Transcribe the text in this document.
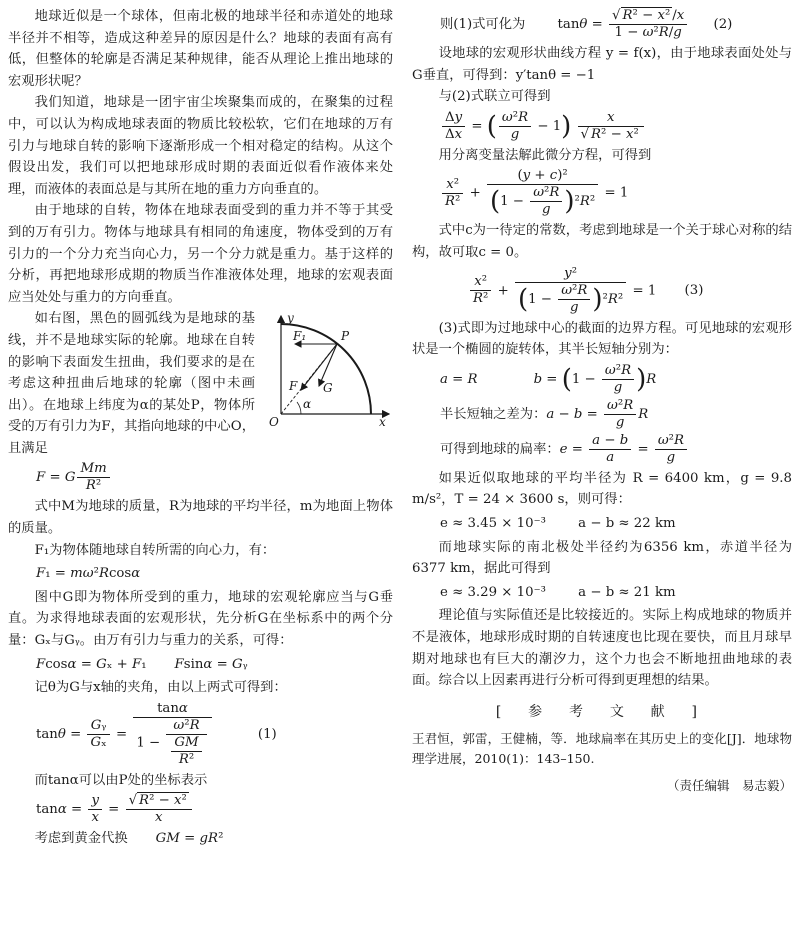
地球近似是一个球体，但南北极的地球半径和赤道处的地球半径并不相等，造成这种差异的原因是什么？地球的表面有高有低，但整体的轮廓是否满足某种规律，能否从理论上推出地球的宏观形状呢？

我们知道，地球是一团宇宙尘埃聚集而成的，在聚集的过程中，可以认为构成地球表面的物质比较松软，它们在地球的万有引力与地球自转的影响下逐渐形成一个相对稳定的结构。从这个假设出发，我们可以把地球形成时期的表面近似看作液体来处理，而液体的表面总是与其所在地的重力方向垂直的。

由于地球的自转，物体在地球表面受到的重力并不等于其受到的万有引力。物体与地球具有相同的角速度，物体受到的万有引力的一个分力充当向心力，另一个分力就是重力。基于这样的分析，再把地球形成期的物质当作准液体处理，地球的宏观表面应当处处与重力的方向垂直。

y
F₁	P
F G
α
O	x

如右图，黑色的圆弧线为是地球的基线，并不是地球实际的轮廓。地球在自转的影响下表面发生扭曲，我们要求的是在考虑这种扭曲后地球的轮廓（图中未画出）。在地球上纬度为α的某处P，物体所受的万有引力为F，其指向地球的中心O，且满足

F = G $\frac{Mm}{\text{R²}}$

式中M为地球的质量，R为地球的平均半径，m为地面上物体的质量。

F₁为物体随地球自转所需的向心力，有：

F₁ = mω²Rcosα

图中G即为物体所受到的重力，地球的宏观轮廓应当与G垂直。为求得地球表面的宏观形状，先分析G在坐标系中的两个分量：Gₓ与Gᵧ。由万有引力与重力的关系，可得：

Fcosα = Gₓ + F₁ Fsinα = Gᵧ

记θ为G与x轴的夹角，由以上两式可得到：

$\tan\theta = \frac{\text{Gᵧ}}{\text{Gₓ}} = \frac{\tan\alpha}{1 - \frac{\text{ω²R}}{\frac{GM}{\text{R²}}}}$	(1)

而tanα可以由P处的坐标表示

$\tan\alpha = \frac{y}{x} = \frac{\text{√ R² − x²}}{x}$

考虑到黄金代换 GM = gR²

则(1)式可化为 $\tan\theta = \frac{\text{√ R² − x² /x}}{\text{1 − ω²R/g}} (2)$

设地球的宏观形状曲线方程 y = f(x)，由于地球表面处处与G垂直，可得到：y′tanθ = −1

与(2)式联立可得到

$\frac{\Delta y}{\Delta x}$ = ( $\frac{\text{ω²R}}{g} - 1) \frac{x}{\text{√ R² − x²}}$

用分离变量法解此微分方程，可得到

$\frac{\text{x²}}{\text{R²}} + \frac{\text{(y + c)²}}{(1 - \frac{\text{ω²R}}{g} )^2R^2} = 1$

式中c为一待定的常数，考虑到地球是一个关于球心对称的结构，故可取c = 0。

$\frac{\text{x²}}{\text{R²}} + \frac{\text{y²}}{(1 - \frac{\text{ω²R}}{g} )^2R^2} = 1$ (3)

(3)式即为过地球中心的截面的边界方程。可见地球的宏观形状是一个椭圆的旋转体，其半长短轴分别为：

a = R	$b = (1 - \frac{\text{ω²R}}{g} )R$
半长短轴之差为：$a - b = \frac{\text{ω²R}}{g}$ R
可得到地球的扁率：$e = \frac{a - b}{a} = \frac{\text{ω²R}}{g}$

如果近似取地球的平均半径为 R = 6400 km，g = 9.8 m/s²，T = 24 × 3600 s，则可得：

e ≈ 3.45 × 10⁻³ a − b ≈ 22 km

而地球实际的南北极处半径约为6356 km，赤道半径为6377 km，据此可得到

e ≈ 3.29 × 10⁻³ a − b ≈ 21 km

理论值与实际值还是比较接近的。实际上构成地球的物质并不是液体，地球形成时期的自转速度也比现在要快，而且月球早期对地球也有巨大的潮汐力，这个力也会不断地扭曲地球的表面。综合以上因素再进行分析可得到更理想的结果。

[ 参 考 文 献 ]

王君恒，郭雷，王健楠，等．地球扁率在其历史上的变化[J]．地球物理学进展，2010(1)：143–150.

（责任编辑　易志毅）
